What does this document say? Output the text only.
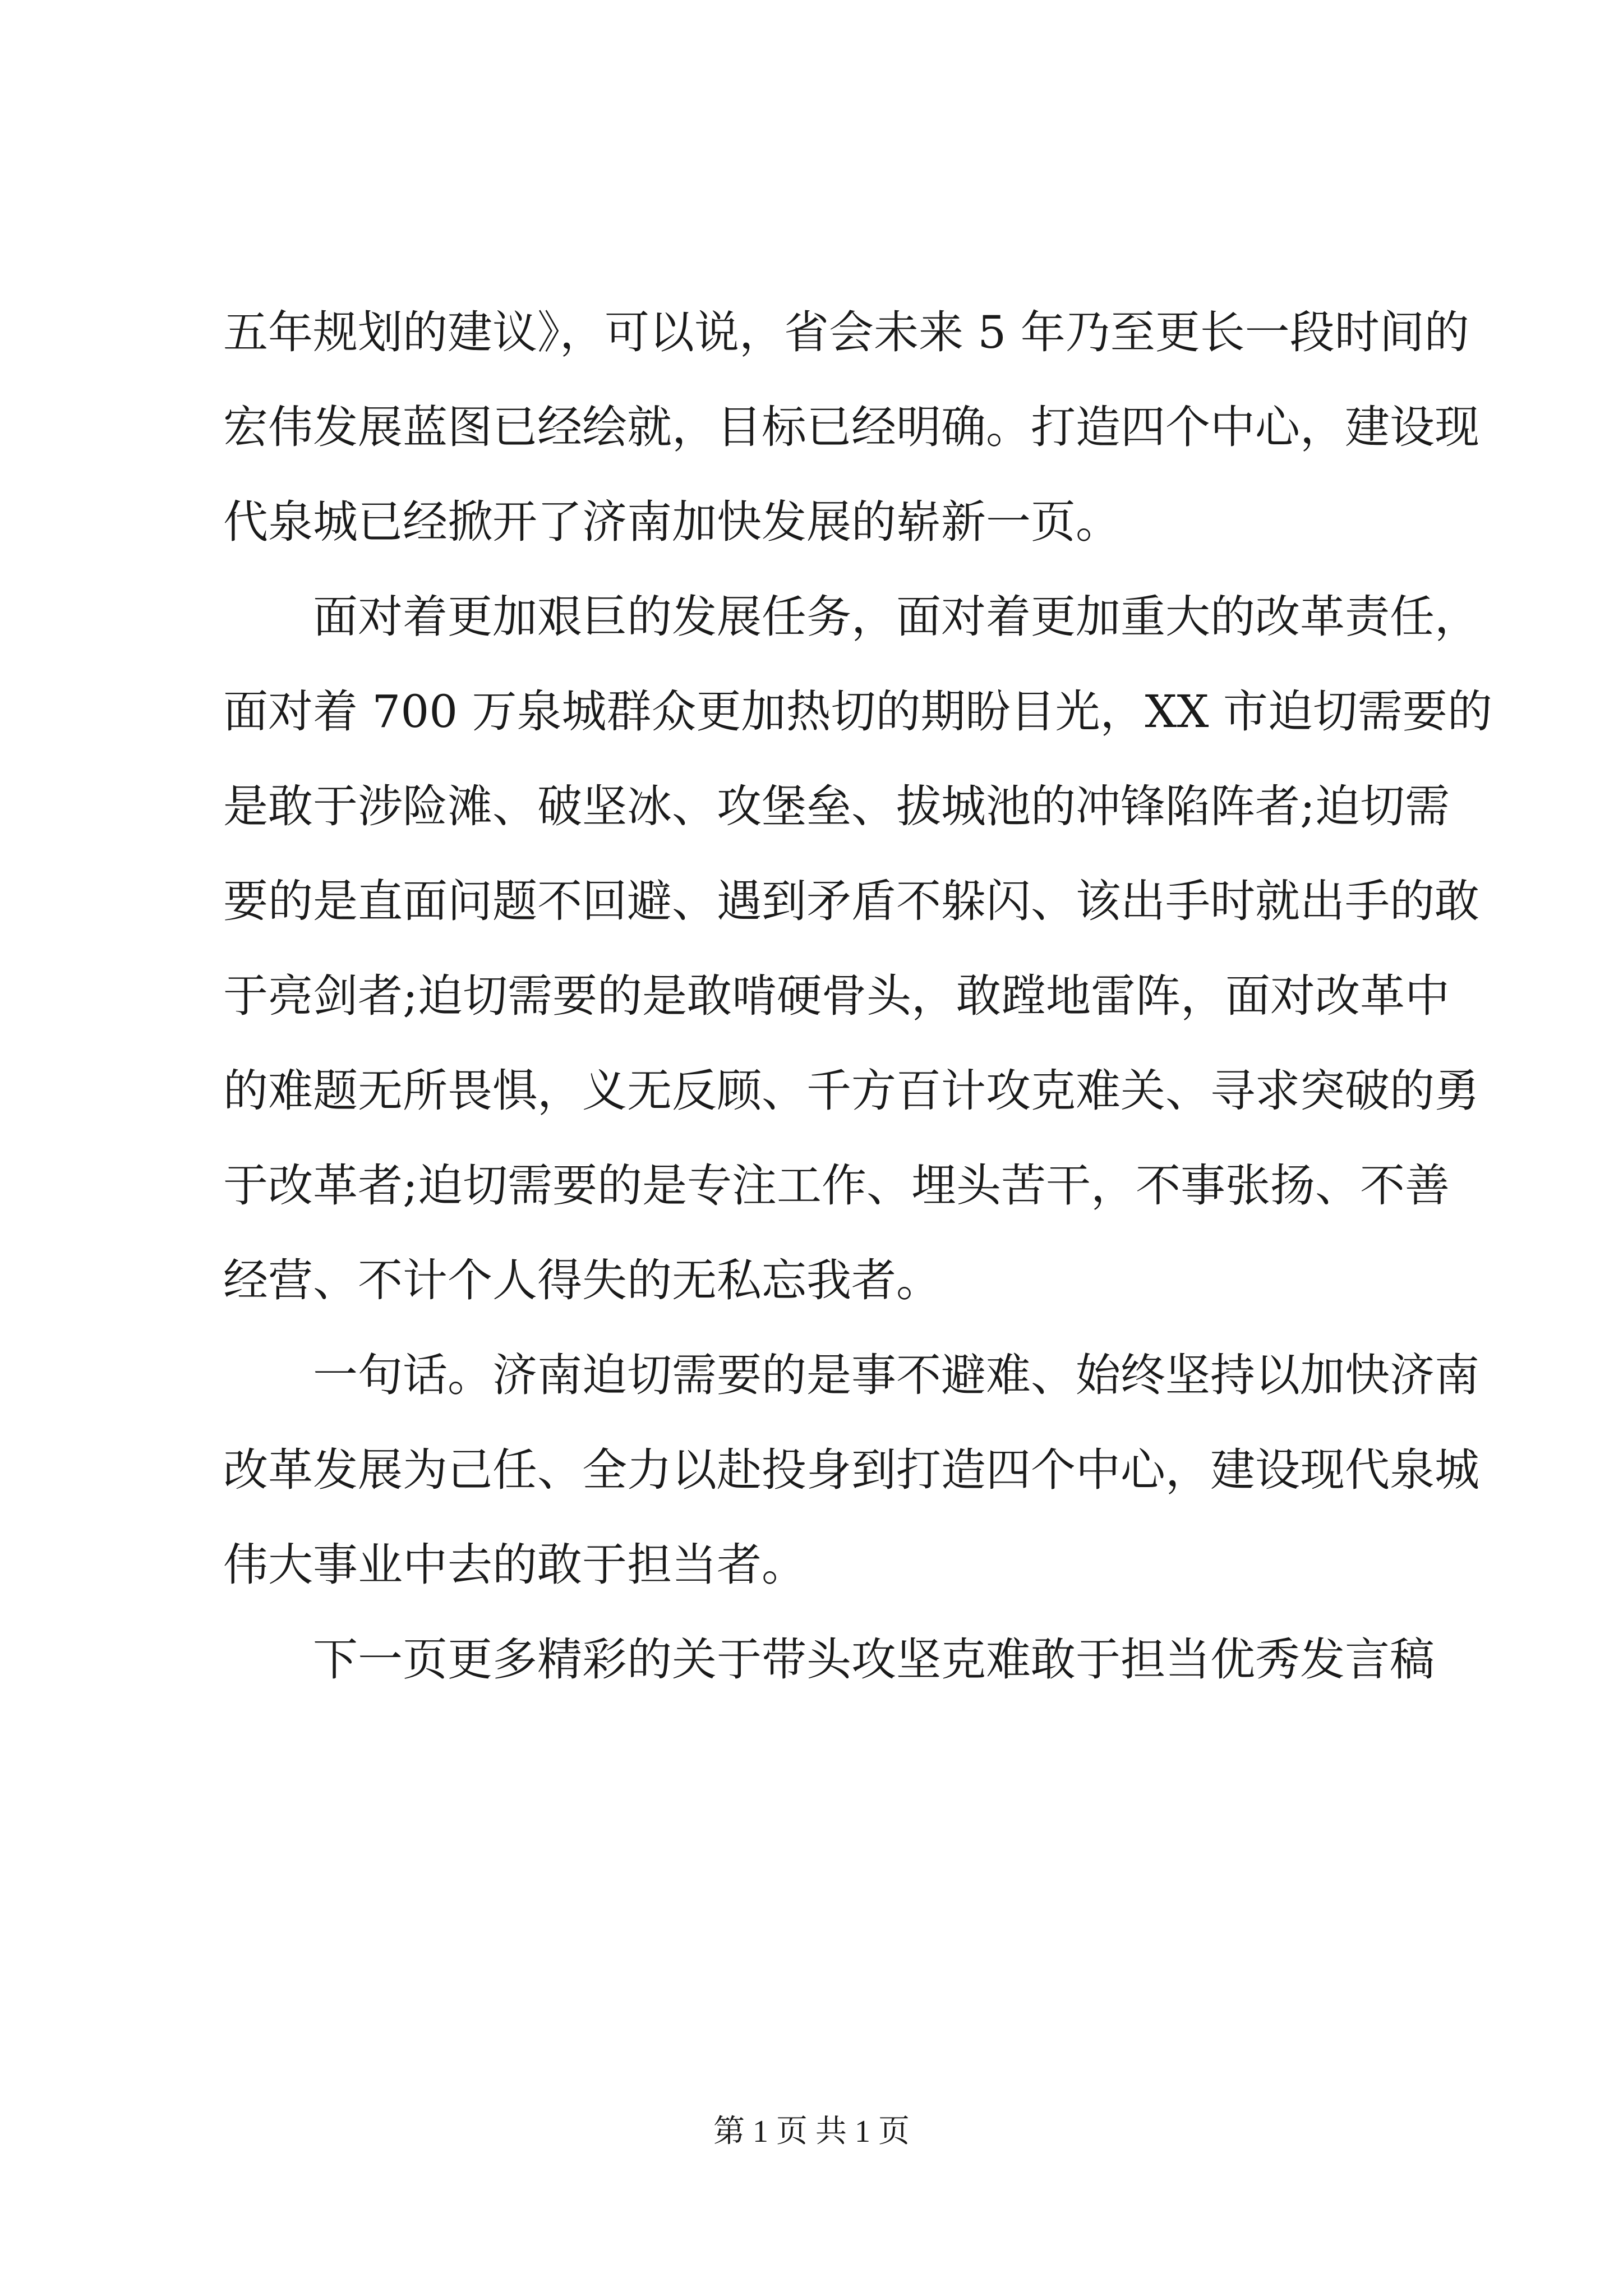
五年规划的建议》，可以说，省会未来 5 年乃至更长一段时间的
宏伟发展蓝图已经绘就，目标已经明确。打造四个中心，建设现
代泉城已经掀开了济南加快发展的崭新一页。
面对着更加艰巨的发展任务，面对着更加重大的改革责任，
面对着 700 万泉城群众更加热切的期盼目光，XX 市迫切需要的
是敢于涉险滩、破坚冰、攻堡垒、拔城池的冲锋陷阵者;迫切需
要的是直面问题不回避、遇到矛盾不躲闪、该出手时就出手的敢
于亮剑者;迫切需要的是敢啃硬骨头，敢蹚地雷阵，面对改革中
的难题无所畏惧，义无反顾、千方百计攻克难关、寻求突破的勇
于改革者;迫切需要的是专注工作、埋头苦干，不事张扬、不善
经营、不计个人得失的无私忘我者。
一句话。济南迫切需要的是事不避难、始终坚持以加快济南
改革发展为己任、全力以赴投身到打造四个中心，建设现代泉城
伟大事业中去的敢于担当者。
下一页更多精彩的关于带头攻坚克难敢于担当优秀发言稿
第 1 页 共 1 页
